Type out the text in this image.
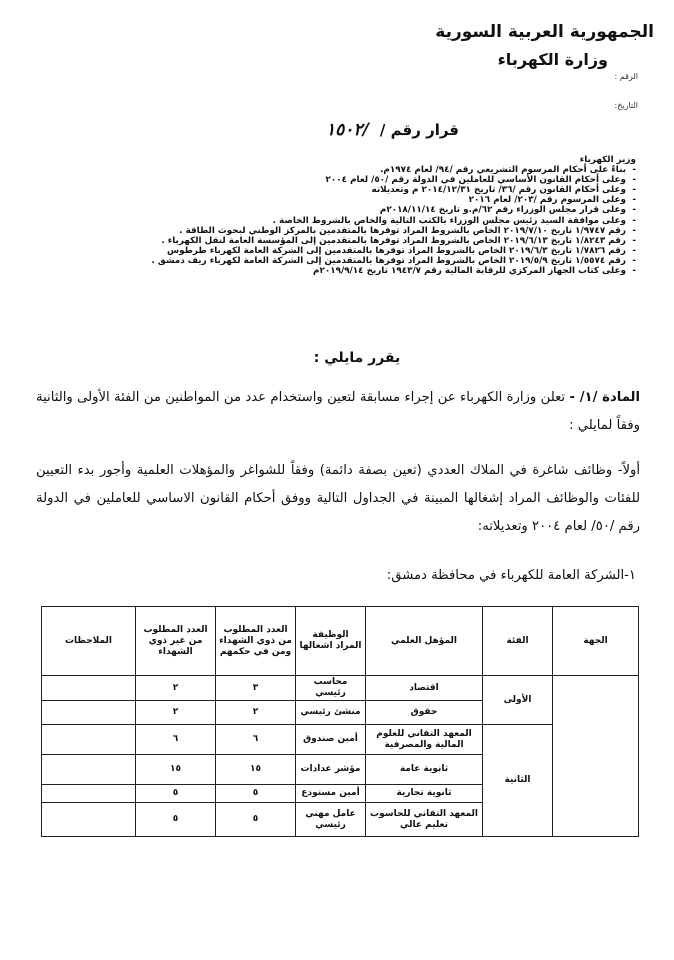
الجمهورية العربية السورية
وزارة الكهرباء
الرقم :
التاريخ:
قرار رقم / /١٥٠٢
وزير الكهرباء
-
بناءً على أحكام المرسوم التشريعي رقم /٩٤/ لعام ١٩٧٤م.
-
وعلى أحكام القانون الأساسي للعاملين في الدولة رقم /٥٠/ لعام ٢٠٠٤
-
وعلى أحكام القانون رقم /٣٦/ تاريخ ٢٠١٤/١٢/٣١ م وتعديلاته
-
وعلى المرسوم رقم /٢٠٣/ لعام ٢٠١٦
-
وعلى قرار مجلس الوزراء رقم ٦٢/م.و تاريخ ٢٠١٨/١١/١٤م
-
وعلى موافقة السيد رئيس مجلس الوزراء بالكتب التالية والخاص بالشروط الخاصة .
-
رقم ١/٩٧٤٧ تاريخ ٢٠١٩/٧/١٠ الخاص بالشروط المراد توفرها بالمتقدمين بالمركز الوطني لبحوث الطاقة .
-
رقم ١/٨٢٤٣ تاريخ ٢٠١٩/٦/١٣ الخاص بالشروط المراد توفرها بالمتقدمين إلى المؤسسة العامة لنقل الكهرباء .
-
رقم ١/٧٨٢٦ تاريخ ٢٠١٩/٦/٣ الخاص بالشروط المراد توفرها بالمتقدمين إلى الشركة العامة لكهرباء طرطوس
-
رقم ١/٥٥٧٤ تاريخ ٢٠١٩/٥/٩ الخاص بالشروط المراد توفرها بالمتقدمين إلى الشركة العامة لكهرباء ريف دمشق .
-
وعلى كتاب الجهاز المركزي للرقابة المالية رقم ١٩٤٣/٧ تاريخ ٢٠١٩/٩/١٤م
يقرر مايلي :
المادة /١/ - تعلن وزارة الكهرباء عن إجراء مسابقة لتعين واستخدام عدد من المواطنين من الفئة الأولى والثانية وفقاً لمايلي :
أولاً- وظائف شاغرة في الملاك العددي (تعين بصفة دائمة) وفقاً للشواغر والمؤهلات العلمية وأجور بدء التعيين للفئات والوظائف المراد إشغالها المبينة في الجداول التالية ووفق أحكام القانون الاساسي للعاملين في الدولة رقم /٥٠/ لعام ٢٠٠٤ وتعديلاته:
١-الشركة العامة للكهرباء في محافظة دمشق:
الجهة	الفئة	المؤهل العلمي	الوظيفة المراد اشغالها	العدد المطلوب من ذوي الشهداء ومن في حكمهم	العدد المطلوب من غير ذوي الشهداء	الملاحظات
	الأولى	اقتصاد	محاسب رئيسي	٣	٢	
		حقوق	منشئ رئيسي	٢	٢	
	الثانية	المعهد التقاني للعلوم المالية والمصرفية	أمين صندوق	٦	٦	
		ثانوية عامة	مؤشر عدادات	١٥	١٥	
		ثانوية تجارية	أمين مستودع	٥	٥	
		المعهد التقاني للحاسوب تعليم عالي	عامل مهني رئيسي	٥	٥	
